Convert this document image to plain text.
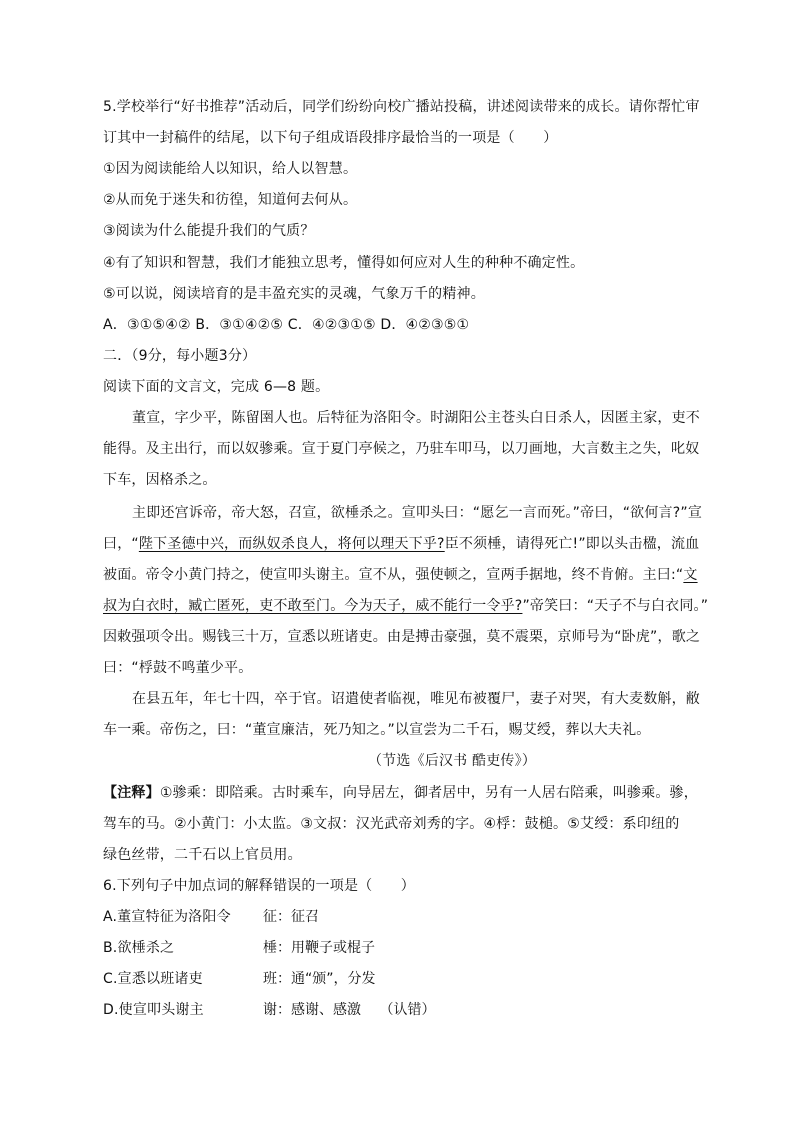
5.学校举行“好书推荐”活动后，同学们纷纷向校广播站投稿，讲述阅读带来的成长。请你帮忙审
订其中一封稿件的结尾，以下句子组成语段排序最恰当的一项是（　　）
①因为阅读能给人以知识，给人以智慧。
②从而免于迷失和彷徨，知道何去何从。
③阅读为什么能提升我们的气质？
④有了知识和智慧，我们才能独立思考，懂得如何应对人生的种种不确定性。
⑤可以说，阅读培育的是丰盈充实的灵魂，气象万千的精神。
A．③①⑤④② B．③①④②⑤ C．④②③①⑤ D．④②③⑤①
二．（9分，每小题3分）
阅读下面的文言文，完成 6—8 题。
董宣，字少平，陈留圉人也。后特征为洛阳令。时湖阳公主苍头白日杀人，因匿主家，吏不
能得。及主出行，而以奴骖乘。宣于夏门亭候之，乃驻车叩马，以刀画地，大言数主之失，叱奴
下车，因格杀之。
主即还宫诉帝，帝大怒，召宣，欲棰杀之。宣叩头曰：“愿乞一言而死。”帝曰，“欲何言?”宣
曰，“陛下圣德中兴，而纵奴杀良人，将何以理天下乎?臣不须棰，请得死亡!”即以头击楹，流血
被面。帝令小黄门持之，使宣叩头谢主。宣不从，强使顿之，宣两手据地，终不肯俯。主曰:“文
叔为白衣时，臧亡匿死，吏不敢至门。今为天子，威不能行一令乎?”帝笑曰：“天子不与白衣同。”
因敕强项令出。赐钱三十万，宣悉以班诸吏。由是搏击豪强，莫不震栗，京师号为“卧虎”，歌之
曰：“桴鼓不鸣董少平。
在县五年，年七十四，卒于官。诏遣使者临视，唯见布被覆尸，妻子对哭，有大麦数斛，敝
车一乘。帝伤之，曰：“董宣廉洁，死乃知之。”以宣尝为二千石，赐艾绶，葬以大夫礼。
（节选《后汉书 酷吏传》）
【注释】①骖乘：即陪乘。古时乘车，向导居左，御者居中，另有一人居右陪乘，叫骖乘。骖，
驾车的马。②小黄门：小太监。③文叔：汉光武帝刘秀的字。④桴：鼓槌。⑤艾绶：系印纽的
绿色丝带，二千石以上官员用。
6.下列句子中加点词的解释错误的一项是（　　）
A.董宣特征为洛阳令 征：征召
B.欲棰杀之	棰：用鞭子或棍子
C.宣悉以班诸吏	班：通“颁”，分发
D.使宣叩头谢主	谢：感谢、感激　 （认错）
